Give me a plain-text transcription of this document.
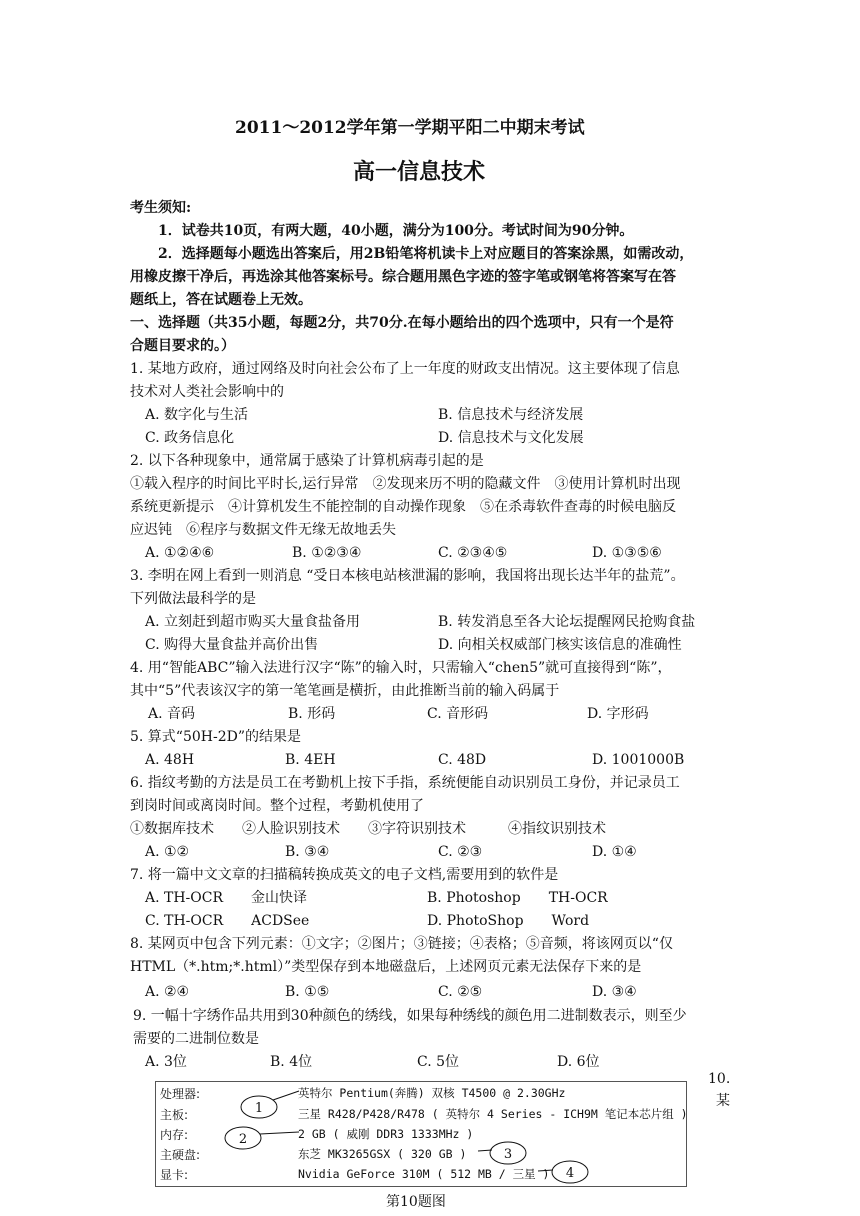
2011～2012学年第一学期平阳二中期末考试
高一信息技术
考生须知:
1．试卷共10页，有两大题，40小题，满分为100分。考试时间为90分钟。
2．选择题每小题选出答案后，用2B铅笔将机读卡上对应题目的答案涂黑，如需改动，
用橡皮擦干净后，再选涂其他答案标号。综合题用黑色字迹的签字笔或钢笔将答案写在答
题纸上，答在试题卷上无效。
一、选择题（共35小题，每题2分，共70分.在每小题给出的四个选项中，只有一个是符
合题目要求的。）
1. 某地方政府，通过网络及时向社会公布了上一年度的财政支出情况。这主要体现了信息
技术对人类社会影响中的
A. 数字化与生活	B. 信息技术与经济发展
C. 政务信息化	D. 信息技术与文化发展
2. 以下各种现象中，通常属于感染了计算机病毒引起的是
①载入程序的时间比平时长,运行异常　②发现来历不明的隐藏文件　③使用计算机时出现
系统更新提示　④计算机发生不能控制的自动操作现象　⑤在杀毒软件查毒的时候电脑反
应迟钝　⑥程序与数据文件无缘无故地丢失
A. ①②④⑥	B. ①②③④	C. ②③④⑤	D. ①③⑤⑥
3. 李明在网上看到一则消息 “受日本核电站核泄漏的影响，我国将出现长达半年的盐荒”。
下列做法最科学的是
A. 立刻赶到超市购买大量食盐备用	B. 转发消息至各大论坛提醒网民抢购食盐
C. 购得大量食盐并高价出售	D. 向相关权威部门核实该信息的准确性
4. 用“智能ABC”输入法进行汉字“陈”的输入时，只需输入“chen5”就可直接得到“陈”，
其中“5”代表该汉字的第一笔笔画是横折，由此推断当前的输入码属于
A. 音码	B. 形码	C. 音形码	D. 字形码
5. 算式“50H-2D”的结果是
A. 48H	B. 4EH	C. 48D	D. 1001000B
6. 指纹考勤的方法是员工在考勤机上按下手指，系统便能自动识别员工身份，并记录员工
到岗时间或离岗时间。整个过程，考勤机使用了
①数据库技术　　②人脸识别技术　　③字符识别技术　　　④指纹识别技术
A. ①②	B. ③④	C. ②③	D. ①④
7. 将一篇中文文章的扫描稿转换成英文的电子文档,需要用到的软件是
A. TH-OCR　　金山快译	B. Photoshop　　TH-OCR
C. TH-OCR　　ACDSee	D. PhotoShop　　Word
8. 某网页中包含下列元素：①文字；②图片；③链接；④表格；⑤音频，将该网页以“仅
HTML（*.htm;*.html）”类型保存到本地磁盘后，上述网页元素无法保存下来的是
A. ②④	B. ①⑤	C. ②⑤	D. ③④
9. 一幅十字绣作品共用到30种颜色的绣线，如果每种绣线的颜色用二进制数表示，则至少
需要的二进制位数是
A. 3位	B. 4位	C. 5位	D. 6位
10.
某
处理器:	英特尔 Pentium(奔腾) 双核 T4500 @ 2.30GHz
主板:	三星 R428/P428/R478 ( 英特尔 4 Series - ICH9M 笔记本芯片组 )
内存:	2 GB ( 威刚 DDR3 1333MHz )
主硬盘:	东芝 MK3265GSX ( 320 GB )
显卡:	Nvidia GeForce 310M ( 512 MB / 三星 )
1
2
3
4
第10题图
